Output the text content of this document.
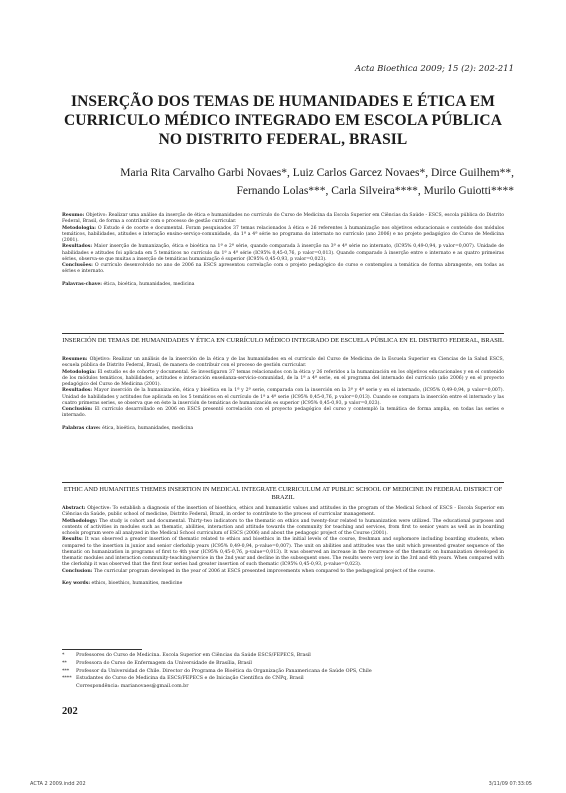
Acta Bioethica 2009; 15 (2): 202-211
INSERÇÃO DOS TEMAS DE HUMANIDADES E ÉTICA EM CURRICULO MÉDICO INTEGRADO EM ESCOLA PÚBLICA NO DISTRITO FEDERAL, BRASIL
Maria Rita Carvalho Garbi Novaes*, Luiz Carlos Garcez Novaes*, Dirce Guilhem**,
Fernando Lolas***, Carla Silveira****, Murilo Guiotti****

Resumo: Objetivo: Realizar uma análise da inserção de ética e humanidades no currículo do Curso de Medicina da Escola Superior em Ciências da Saúde - ESCS, escola pública do Distrito Federal, Brasil, de forma a contribuir com o processo de gestão curricular.

Metodologia: O Estudo é de coorte e documental. Foram pesquisados 37 temas relacionados à ética e 26 referentes à humanização nos objetivos educacionais e conteúdo dos módulos temáticos, habilidades, atitudes e interação ensino-serviço-comunidade, da 1ª a 4ª série no programa do internato no currículo (ano 2006) e no projeto pedagógico do Curso de Medicina (2001).

Resultados: Maior inserção de humanização, ética e bioética na 1ª e 2ª série, quando comparada à inserção na 3ª e 4ª série no internato, (IC95% 0,49-0,94, p valor=0,007). Unidade de habilidades e atitudes foi aplicada em 5 temáticos no currículo da 1ª a 4ª série (IC95% 0,45-0,76, p valor=0,013). Quando comparado à inserção entre o internato e as quatro primeiras séries, observa-se que muitas a inserção de temáticas humanização é superior (IC95% 0,45-0,93, p valor=0,023).

Conclusões: O currículo desenvolvido no ano de 2006 na ESCS apresentou correlação com o projeto pedagógico do curso e contemplou a temática de forma abrangente, em todas as séries e internato.

Palavras-chave: ética, bioética, humanidades, medicina

INSERCIÓN DE TEMAS DE HUMANIDADES Y ÉTICA EN CURRÍCULO MÉDICO INTEGRADO DE ESCUELA PÚBLICA EN EL DISTRITO FEDERAL, BRASIL

Resumen: Objetivo: Realizar un análisis de la inserción de la ética y de las humanidades en el currículo del Curso de Medicina de la Escuela Superior en Ciencias de la Salud ESCS, escuela pública de Distrito Federal, Brasil, de manera de contribuir con el proceso de gestión curricular.

Metodología: El estudio es de cohorte y documental. Se investigaron 37 temas relacionados con la ética y 26 referidos a la humanización en los objetivos educacionales y en el contenido de los módulos temáticos, habilidades, actitudes e interacción enseñanza-servicio-comunidad, de la 1ª a 4ª serie, en el programa del internado del currículo (año 2006) y en el proyecto pedagógico del Curso de Medicina (2001).

Resultados: Mayor inserción de la humanización, ética y bioética en la 1ª y 2ª serie, comparada con la inserción en la 3ª y 4ª serie y en el internado, (IC95% 0,49-0,94, p valor=0,007). Unidad de habilidades y actitudes fue aplicada en los 5 temáticos en el currículo de 1ª a 4ª serie (IC95% 0,45-0,76, p valor=0,013). Cuando se compara la inserción entre el internado y las cuatro primeras series, se observa que en éste la inserción de temáticas de humanización es superior (IC95% 0,45-0,93, p valor=0,023).

Conclusión: El currículo desarrollado en 2006 en ESCS presentó correlación con el proyecto pedagógico del curso y contempló la temática de forma amplia, en todas las series e internado.

Palabras clave: ética, bioética, humanidades, medicina

ETHIC AND HUMANITIES THEMES INSERTION IN MEDICAL INTEGRATE CURRICULUM AT PUBLIC SCHOOL OF MEDICINE IN FEDERAL DISTRICT OF BRAZIL

Abstract: Objective: To establish a diagnosis of the insertion of bioethics, ethics and humanistic values and attitudes in the program of the Medical School of ESCS - Escola Superior em Ciências da Saúde, public school of medicine, Distrito Federal, Brazil, in order to contribute to the process of curricular management.

Methodology: The study is cohort and documental. Thirty-two indicators to the thematic on ethics and twenty-four related to humanization were utilized. The educational purposes and contents of activities in modules such as thematic, abilities, interaction and attitude towards the community for teaching and services, from first to senior years as well as in boarding schools program were all analyzed in the Medical School curriculum of ESCS (2006) and about the pedagogic project of the Course (2001).

Results: It was observed a greater insertion of thematic related to ethics and bioethics in the initial levels of the course, freshman and sophomore including boarding students, when compared to the insertion in junior and senior clerkship years (IC95% 0,49-0,94, p-value=0,007). The unit on abilities and attitudes was the unit which presented greater sequence of the thematic on humanization in programs of first to 4th year (IC95% 0,45-0,76, p-value=0,013). It was observed an increase in the recurrence of the thematic on humanization developed in thematic modules and interaction community-teaching/service in the 2nd year and decline in the subsequent ones. The results were very low in the 3rd and 4th years. When compared with the clerkship it was observed that the first four series had greater insertion of such thematic (IC95% 0,45-0,93, p-value=0,023).

Conclusion: The curricular program developed in the year of 2006 at ESCS presented improvements when compared to the pedagogical project of the course.

Key words: ethics, bioethics, humanities, medicine

*	Professores do Curso de Medicina. Escola Superior em Ciências da Saúde ESCS/FEPECS, Brasil
**	Professora do Curso de Enfermagem da Universidade de Brasília, Brasil
***	Professor da Universidad de Chile. Director do Programa de Bioética da Organização Panamericana de Saúde OPS, Chile
**** Estudantes do Curso de Medicina da ESCS/FEPECS e de Iniciação Científica do CNPq, Brasil
Correspondência: marianovaes@gmail.com.br
202
ACTA 2 2009.indd 202	3/11/09 07:33:05
